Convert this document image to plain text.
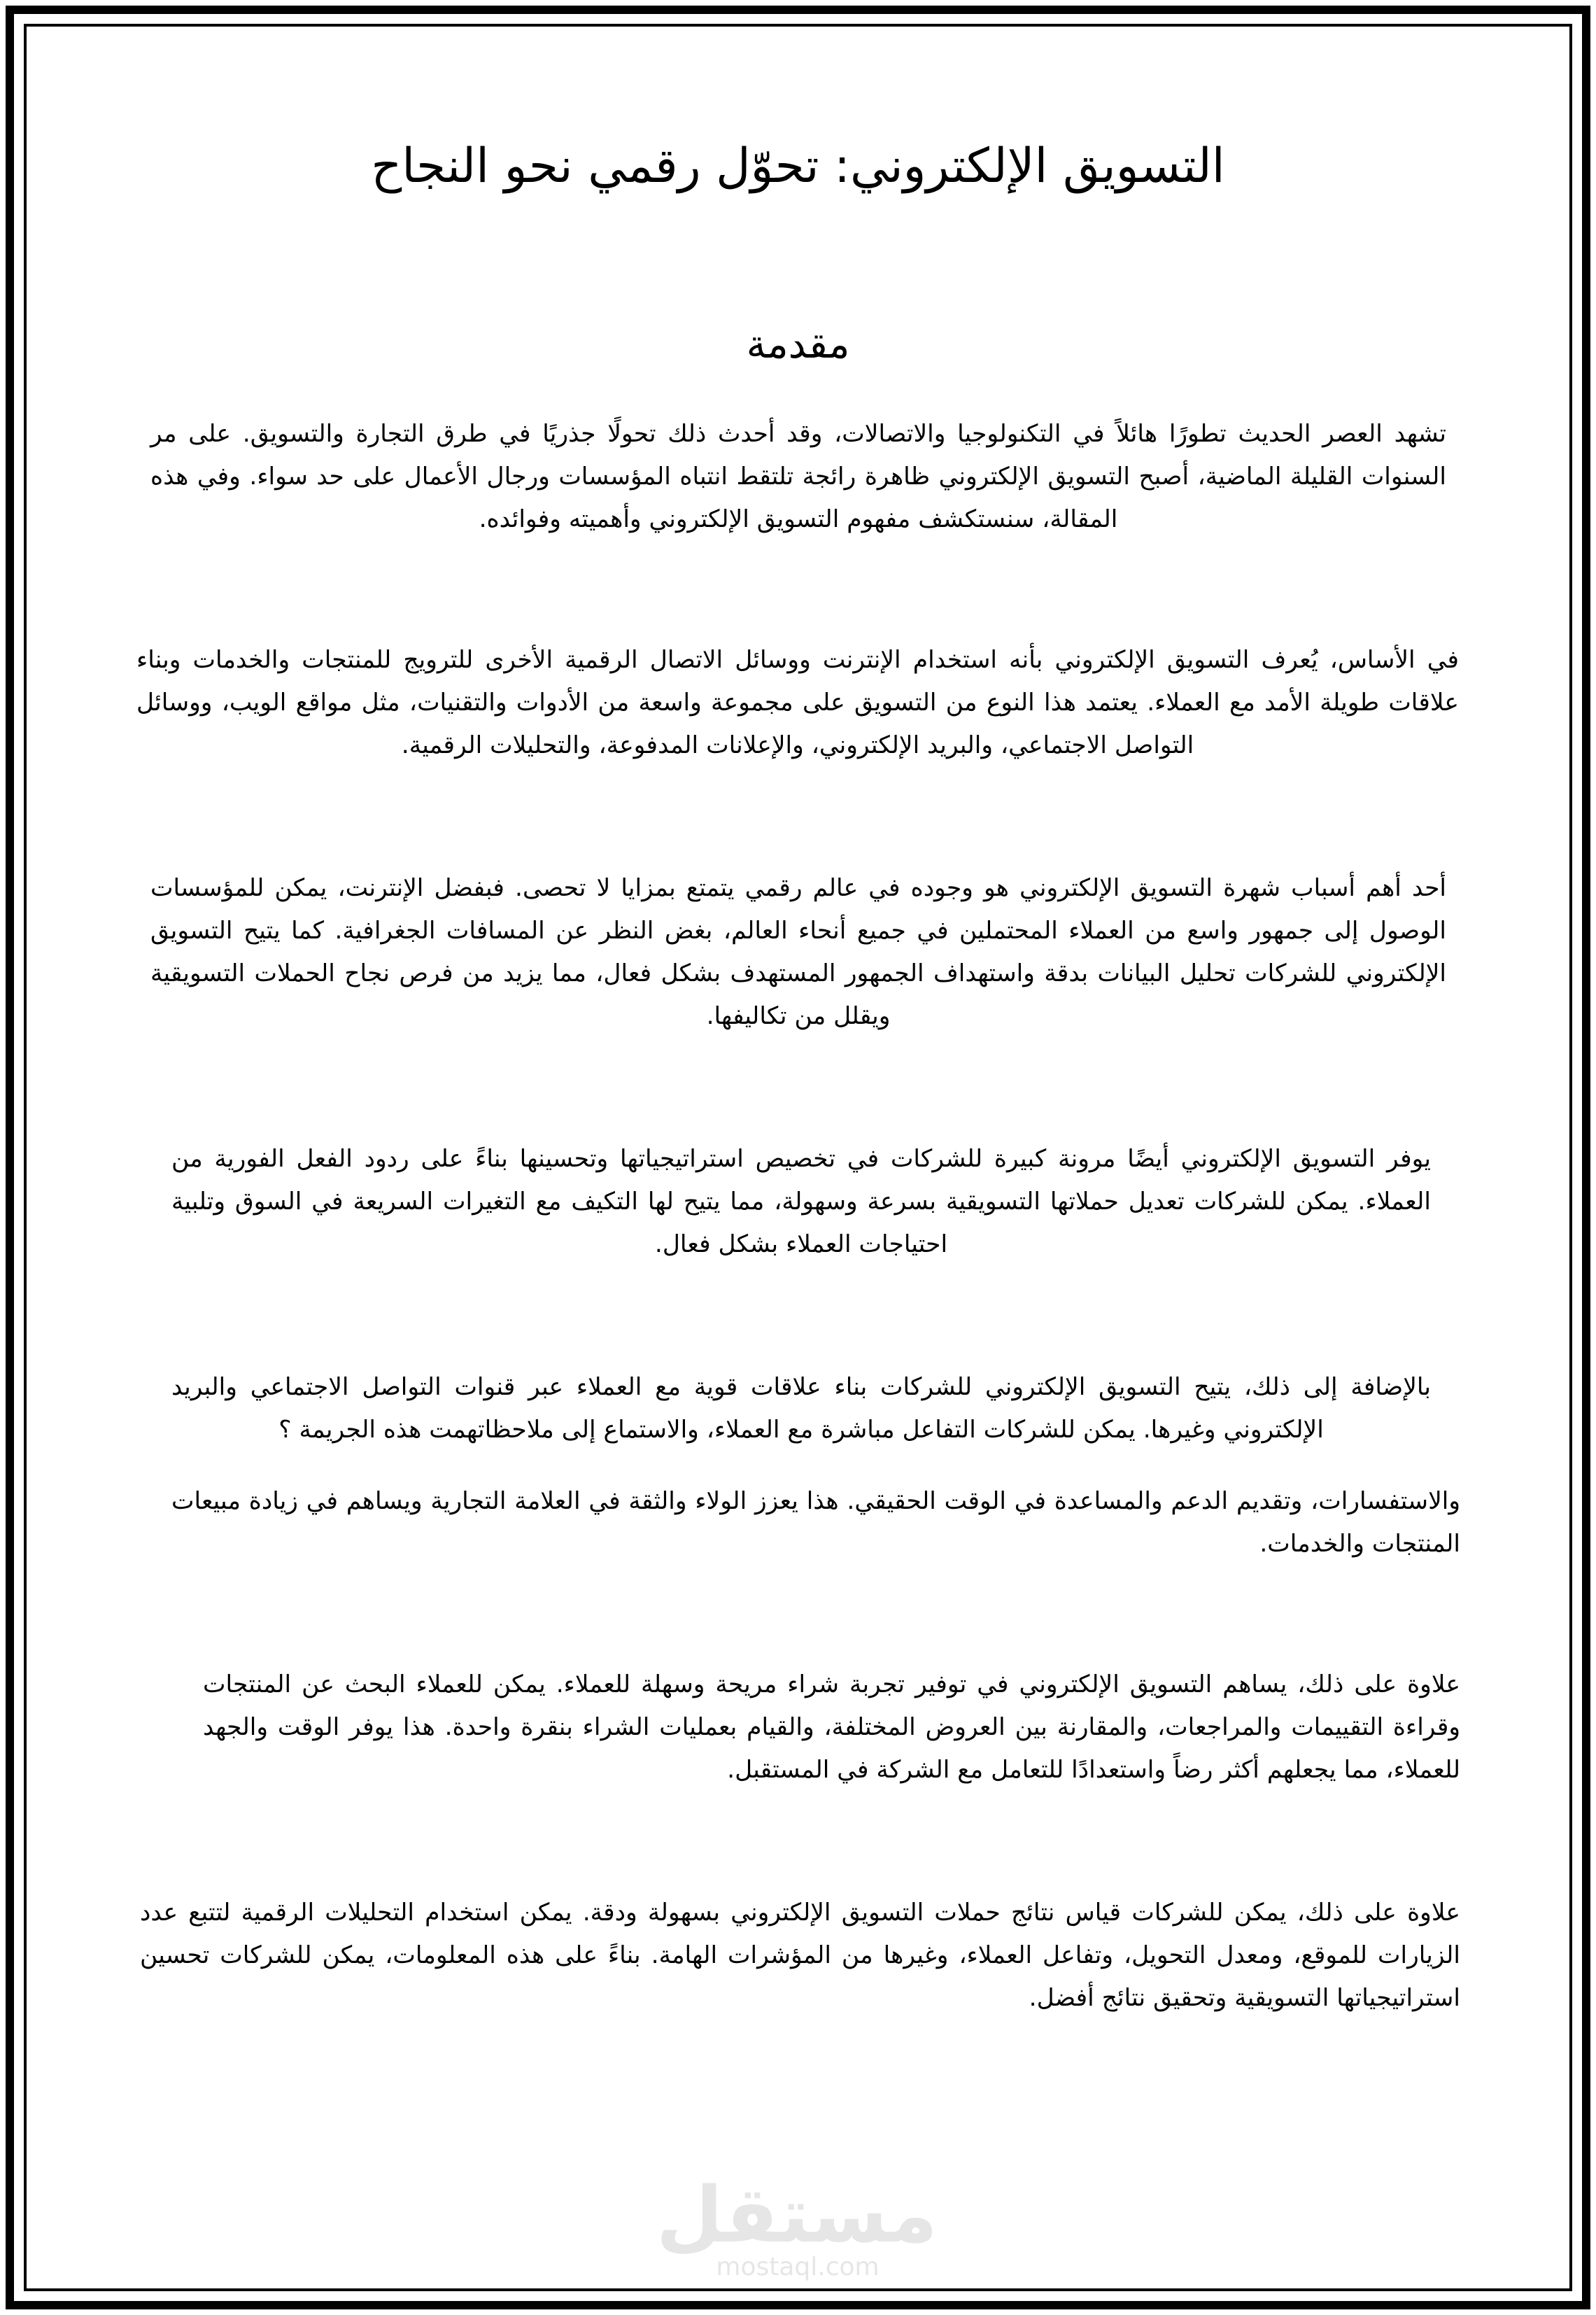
التسويق الإلكتروني: تحوّل رقمي نحو النجاح
مقدمة

تشهد العصر الحديث تطورًا هائلاً في التكنولوجيا والاتصالات، وقد أحدث ذلك تحولًا جذريًا في طرق التجارة والتسويق. على مر السنوات القليلة الماضية، أصبح التسويق الإلكتروني ظاهرة رائجة تلتقط انتباه المؤسسات ورجال الأعمال على حد سواء. وفي هذه المقالة، سنستكشف مفهوم التسويق الإلكتروني وأهميته وفوائده.

في الأساس، يُعرف التسويق الإلكتروني بأنه استخدام الإنترنت ووسائل الاتصال الرقمية الأخرى للترويج للمنتجات والخدمات وبناء علاقات طويلة الأمد مع العملاء. يعتمد هذا النوع من التسويق على مجموعة واسعة من الأدوات والتقنيات، مثل مواقع الويب، ووسائل التواصل الاجتماعي، والبريد الإلكتروني، والإعلانات المدفوعة، والتحليلات الرقمية.

أحد أهم أسباب شهرة التسويق الإلكتروني هو وجوده في عالم رقمي يتمتع بمزايا لا تحصى. فبفضل الإنترنت، يمكن للمؤسسات الوصول إلى جمهور واسع من العملاء المحتملين في جميع أنحاء العالم، بغض النظر عن المسافات الجغرافية. كما يتيح التسويق الإلكتروني للشركات تحليل البيانات بدقة واستهداف الجمهور المستهدف بشكل فعال، مما يزيد من فرص نجاح الحملات التسويقية ويقلل من تكاليفها.

يوفر التسويق الإلكتروني أيضًا مرونة كبيرة للشركات في تخصيص استراتيجياتها وتحسينها بناءً على ردود الفعل الفورية من العملاء. يمكن للشركات تعديل حملاتها التسويقية بسرعة وسهولة، مما يتيح لها التكيف مع التغيرات السريعة في السوق وتلبية احتياجات العملاء بشكل فعال.

بالإضافة إلى ذلك، يتيح التسويق الإلكتروني للشركات بناء علاقات قوية مع العملاء عبر قنوات التواصل الاجتماعي والبريد الإلكتروني وغيرها. يمكن للشركات التفاعل مباشرة مع العملاء، والاستماع إلى ملاحظاتهمت هذه الجريمة ؟

والاستفسارات، وتقديم الدعم والمساعدة في الوقت الحقيقي. هذا يعزز الولاء والثقة في العلامة التجارية ويساهم في زيادة مبيعات المنتجات والخدمات.

علاوة على ذلك، يساهم التسويق الإلكتروني في توفير تجربة شراء مريحة وسهلة للعملاء. يمكن للعملاء البحث عن المنتجات وقراءة التقييمات والمراجعات، والمقارنة بين العروض المختلفة، والقيام بعمليات الشراء بنقرة واحدة. هذا يوفر الوقت والجهد للعملاء، مما يجعلهم أكثر رضاً واستعدادًا للتعامل مع الشركة في المستقبل.

علاوة على ذلك، يمكن للشركات قياس نتائج حملات التسويق الإلكتروني بسهولة ودقة. يمكن استخدام التحليلات الرقمية لتتبع عدد الزيارات للموقع، ومعدل التحويل، وتفاعل العملاء، وغيرها من المؤشرات الهامة. بناءً على هذه المعلومات، يمكن للشركات تحسين استراتيجياتها التسويقية وتحقيق نتائج أفضل.

مستقل
mostaql.com
